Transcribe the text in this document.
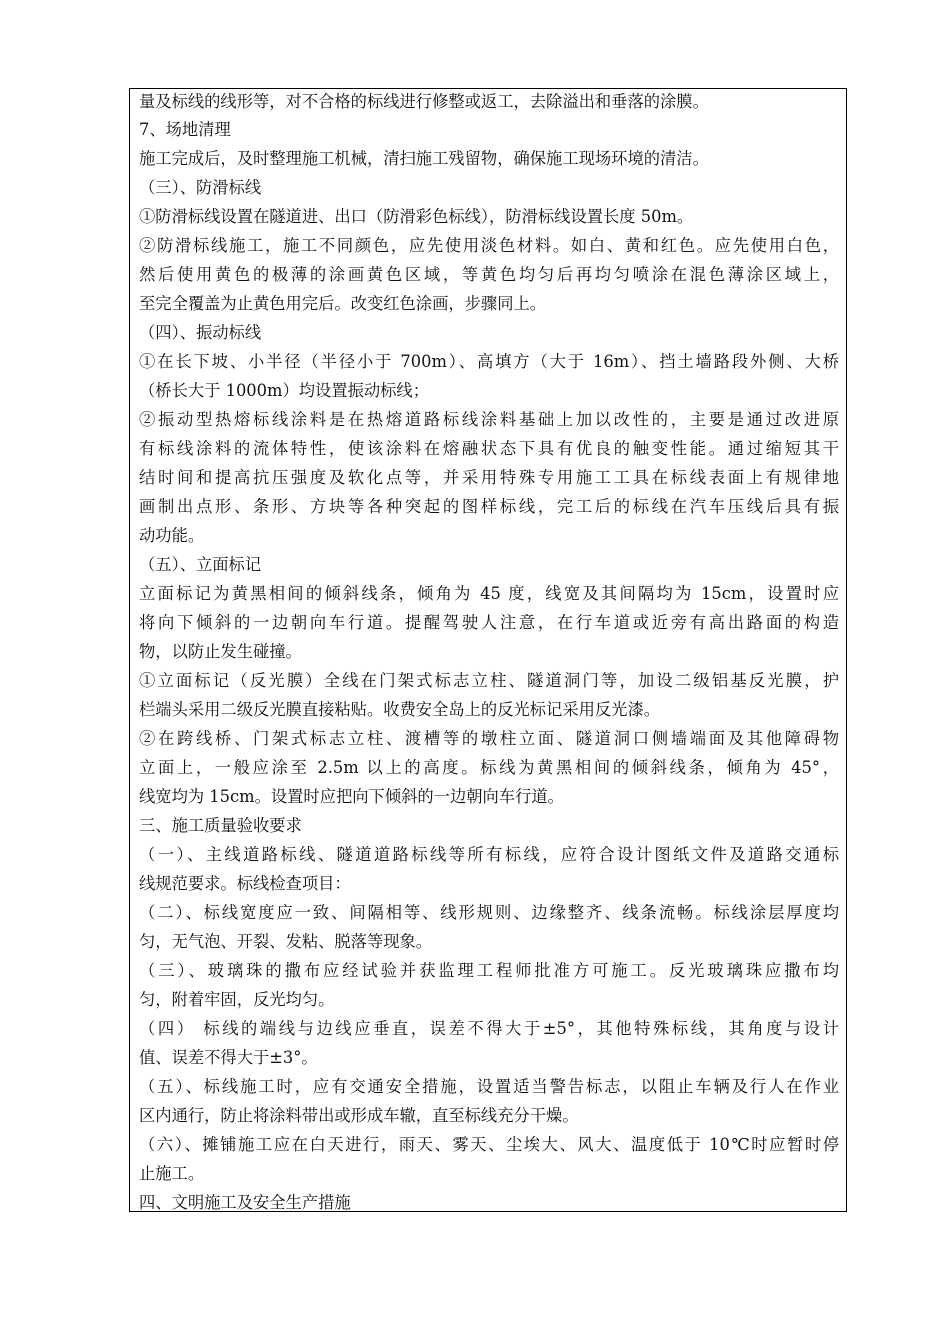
量及标线的线形等，对不合格的标线进行修整或返工，去除溢出和垂落的涂膜。
7、场地清理
施工完成后，及时整理施工机械，清扫施工残留物，确保施工现场环境的清洁。
（三）、防滑标线
①防滑标线设置在隧道进、出口（防滑彩色标线），防滑标线设置长度 50m。
②防滑标线施工，施工不同颜色，应先使用淡色材料。如白、黄和红色。应先使用白色，
然后使用黄色的极薄的涂画黄色区域，等黄色均匀后再均匀喷涂在混色薄涂区域上，
至完全覆盖为止黄色用完后。改变红色涂画，步骤同上。
（四）、振动标线
①在长下坡、小半径（半径小于 700m）、高填方（大于 16m）、挡土墙路段外侧、大桥
（桥长大于 1000m）均设置振动标线；
②振动型热熔标线涂料是在热熔道路标线涂料基础上加以改性的，主要是通过改进原
有标线涂料的流体特性，使该涂料在熔融状态下具有优良的触变性能。通过缩短其干
结时间和提高抗压强度及软化点等，并采用特殊专用施工工具在标线表面上有规律地
画制出点形、条形、方块等各种突起的图样标线，完工后的标线在汽车压线后具有振
动功能。
（五）、立面标记
立面标记为黄黑相间的倾斜线条，倾角为 45 度，线宽及其间隔均为 15cm，设置时应
将向下倾斜的一边朝向车行道。提醒驾驶人注意，在行车道或近旁有高出路面的构造
物，以防止发生碰撞。
①立面标记（反光膜）全线在门架式标志立柱、隧道洞门等，加设二级铝基反光膜，护
栏端头采用二级反光膜直接粘贴。收费安全岛上的反光标记采用反光漆。
②在跨线桥、门架式标志立柱、渡槽等的墩柱立面、隧道洞口侧墙端面及其他障碍物
立面上，一般应涂至 2.5m 以上的高度。标线为黄黑相间的倾斜线条，倾角为 45°，
线宽均为 15cm。设置时应把向下倾斜的一边朝向车行道。
三、施工质量验收要求
（一）、主线道路标线、隧道道路标线等所有标线，应符合设计图纸文件及道路交通标
线规范要求。标线检查项目：
（二）、标线宽度应一致、间隔相等、线形规则、边缘整齐、线条流畅。标线涂层厚度均
匀，无气泡、开裂、发粘、脱落等现象。
（三）、玻璃珠的撒布应经试验并获监理工程师批准方可施工。反光玻璃珠应撒布均
匀，附着牢固，反光均匀。
（四） 标线的端线与边线应垂直，误差不得大于±5°，其他特殊标线，其角度与设计
值、误差不得大于±3°。
（五）、标线施工时，应有交通安全措施，设置适当警告标志，以阻止车辆及行人在作业
区内通行，防止将涂料带出或形成车辙，直至标线充分干燥。
（六）、摊铺施工应在白天进行，雨天、雾天、尘埃大、风大、温度低于 10℃时应暂时停
止施工。
四、文明施工及安全生产措施
